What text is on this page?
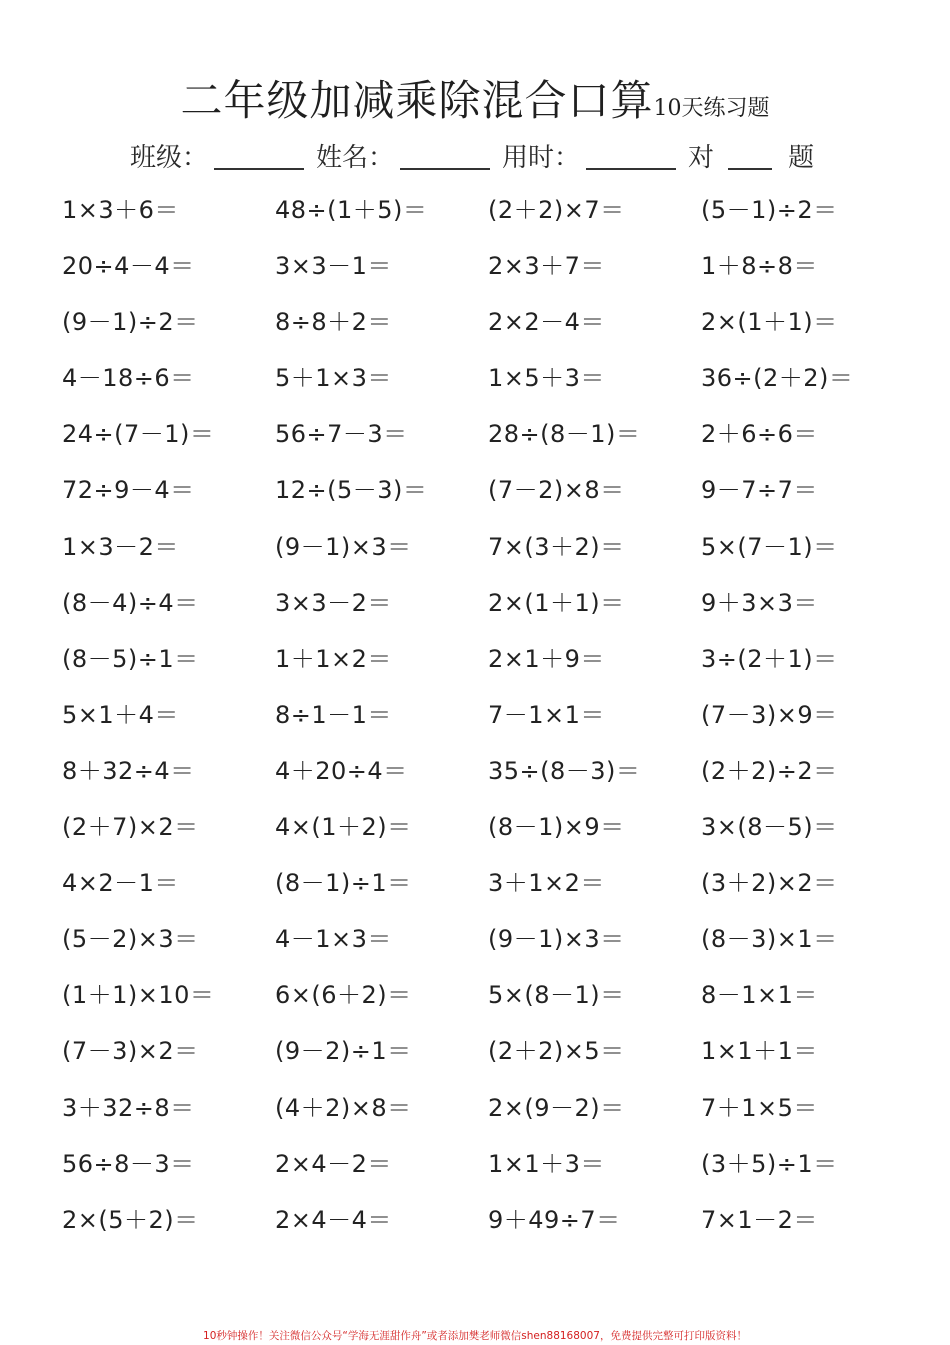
二年级加减乘除混合口算10天练习题
班级：	姓名：	用时：	对	题
1×3＋6＝	48÷(1＋5)＝	(2＋2)×7＝	(5－1)÷2＝
20÷4－4＝	3×3－1＝	2×3＋7＝	1＋8÷8＝
(9－1)÷2＝	8÷8＋2＝	2×2－4＝	2×(1＋1)＝
4－18÷6＝	5＋1×3＝	1×5＋3＝	36÷(2＋2)＝
24÷(7－1)＝	56÷7－3＝	28÷(8－1)＝	2＋6÷6＝
72÷9－4＝	12÷(5－3)＝	(7－2)×8＝	9－7÷7＝
1×3－2＝	(9－1)×3＝	7×(3＋2)＝	5×(7－1)＝
(8－4)÷4＝	3×3－2＝	2×(1＋1)＝	9＋3×3＝
(8－5)÷1＝	1＋1×2＝	2×1＋9＝	3÷(2＋1)＝
5×1＋4＝	8÷1－1＝	7－1×1＝	(7－3)×9＝
8＋32÷4＝	4＋20÷4＝	35÷(8－3)＝	(2＋2)÷2＝
(2＋7)×2＝	4×(1＋2)＝	(8－1)×9＝	3×(8－5)＝
4×2－1＝	(8－1)÷1＝	3＋1×2＝	(3＋2)×2＝
(5－2)×3＝	4－1×3＝	(9－1)×3＝	(8－3)×1＝
(1＋1)×10＝	6×(6＋2)＝	5×(8－1)＝	8－1×1＝
(7－3)×2＝	(9－2)÷1＝	(2＋2)×5＝	1×1＋1＝
3＋32÷8＝	(4＋2)×8＝	2×(9－2)＝	7＋1×5＝
56÷8－3＝	2×4－2＝	1×1＋3＝	(3＋5)÷1＝
2×(5＋2)＝	2×4－4＝	9＋49÷7＝	7×1－2＝
10秒钟操作！关注微信公众号“学海无涯甜作舟”或者添加樊老师微信shen88168007，免费提供完整可打印版资料！
